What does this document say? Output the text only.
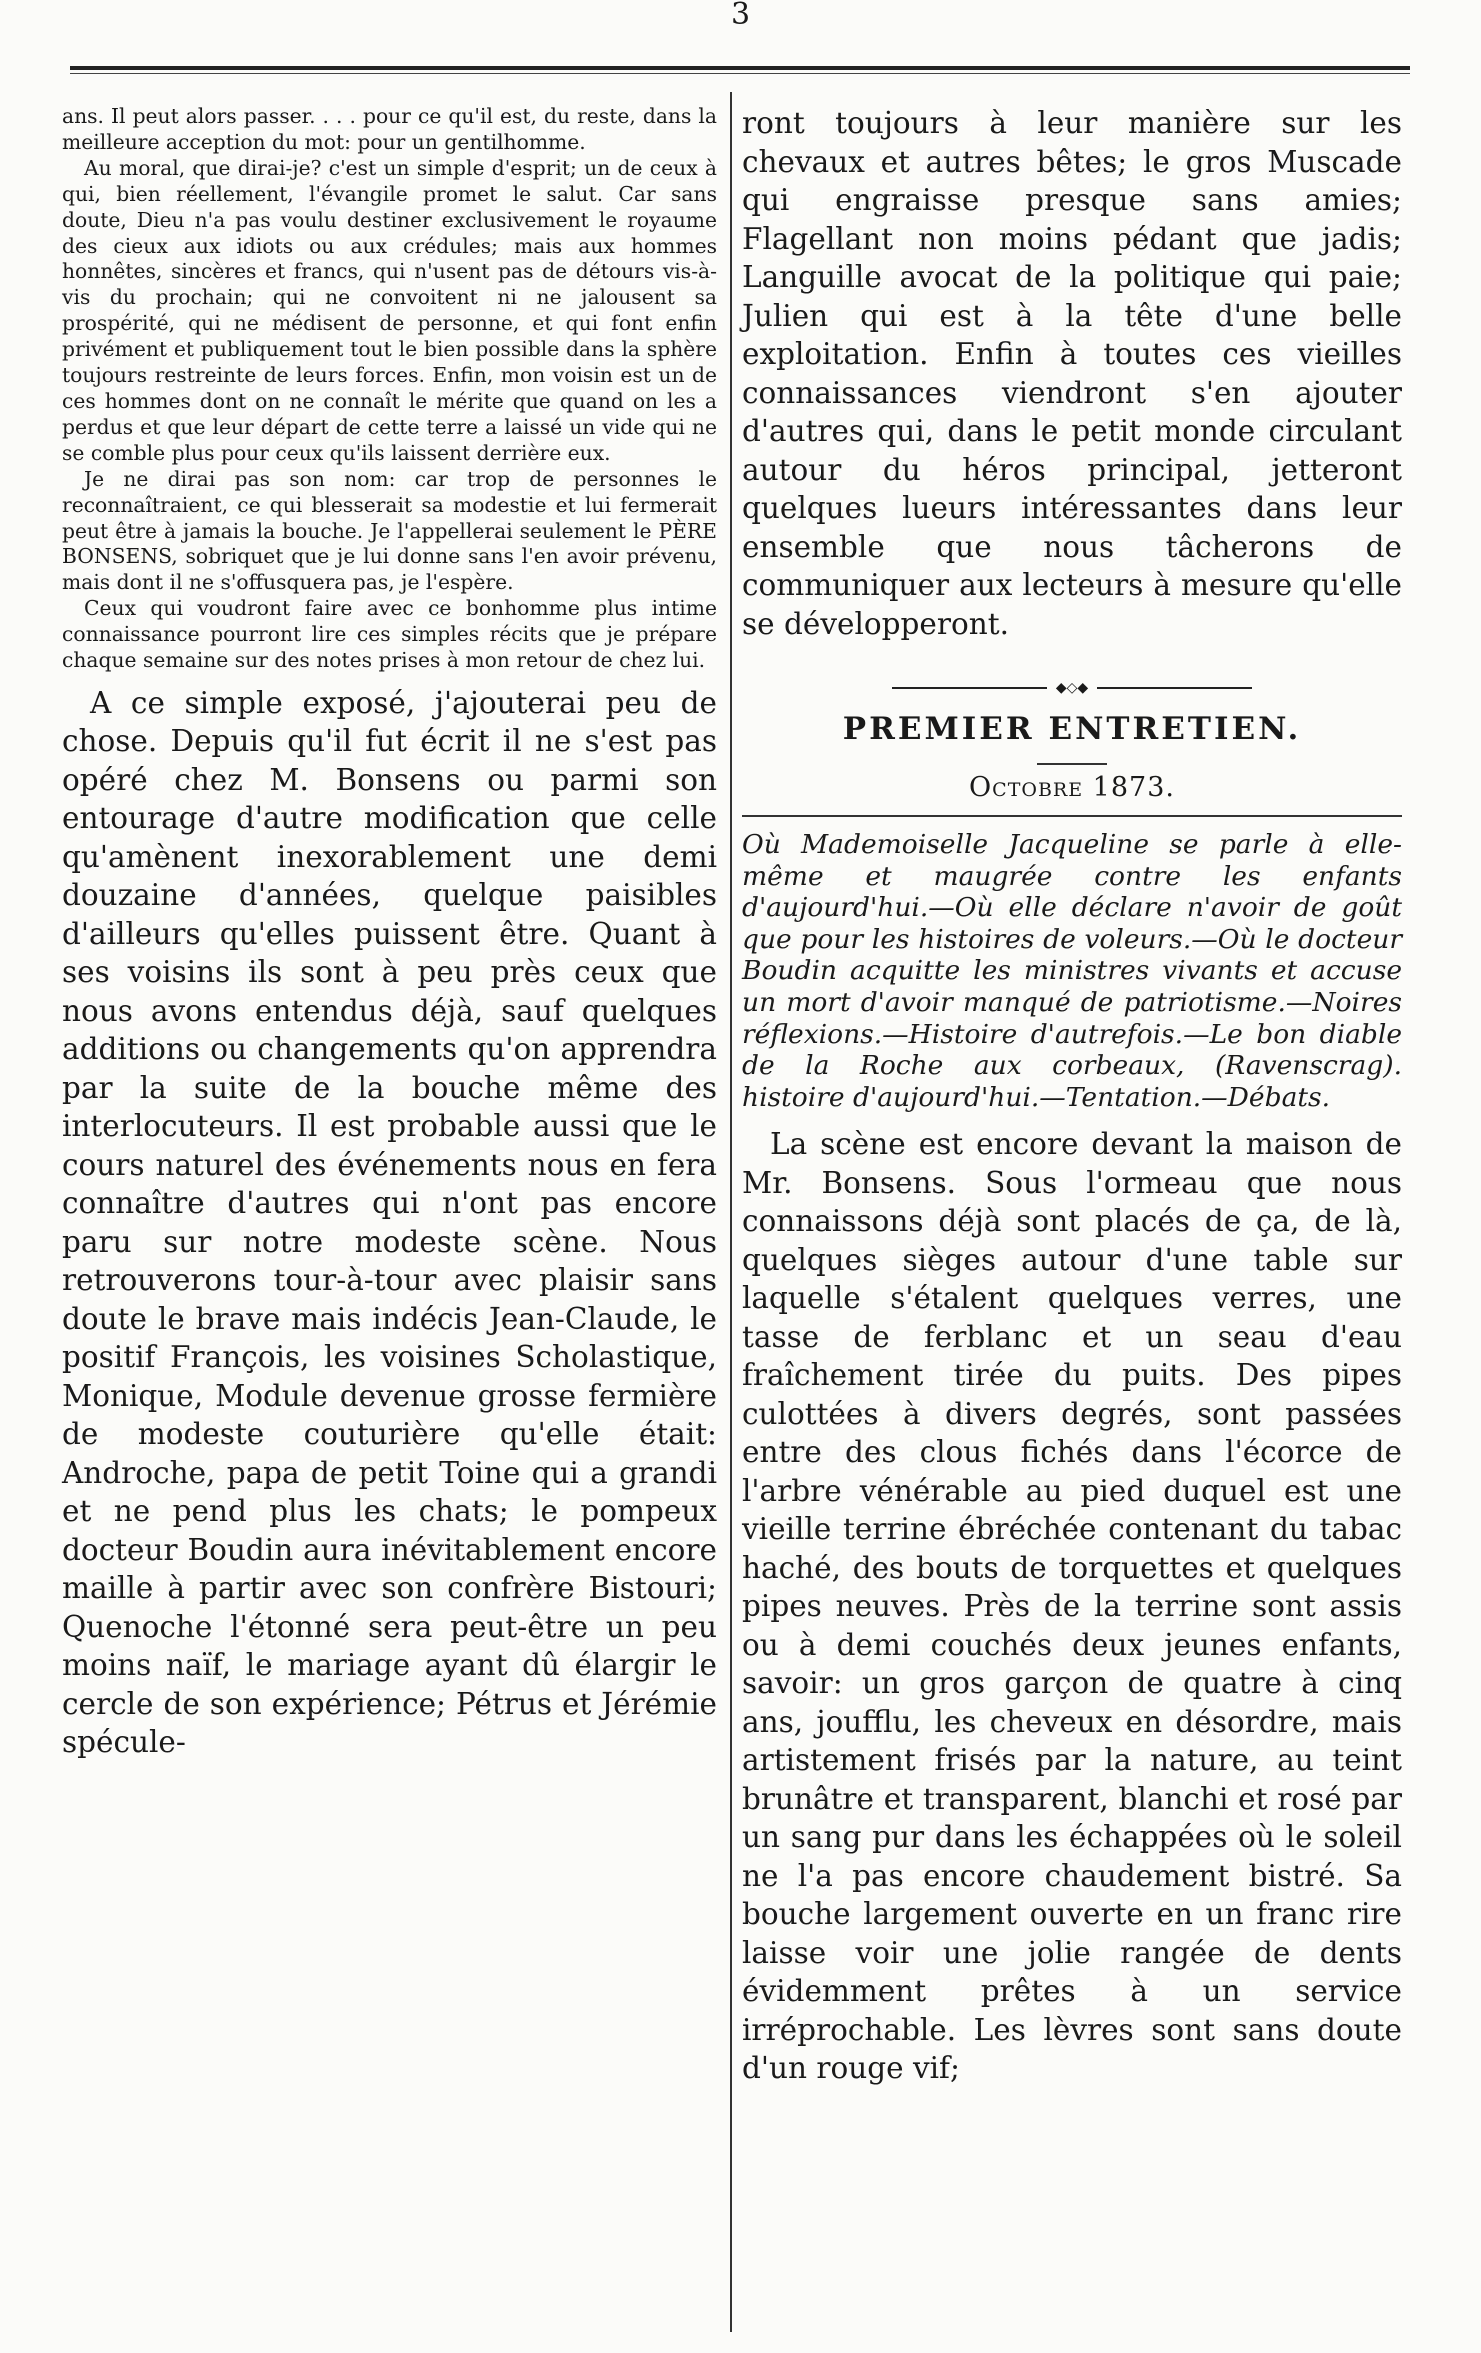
3

ans. Il peut alors passer. . . . pour ce qu'il est, du reste, dans la meilleure acception du mot: pour un gentilhomme.

Au moral, que dirai-je? c'est un simple d'esprit; un de ceux à qui, bien réellement, l'évangile promet le salut. Car sans doute, Dieu n'a pas voulu destiner exclusivement le royaume des cieux aux idiots ou aux crédules; mais aux hommes honnêtes, sincères et francs, qui n'usent pas de détours vis-à-vis du prochain; qui ne convoitent ni ne jalousent sa prospérité, qui ne médisent de personne, et qui font enfin privément et publiquement tout le bien possible dans la sphère toujours restreinte de leurs forces. Enfin, mon voisin est un de ces hommes dont on ne connaît le mérite que quand on les a perdus et que leur départ de cette terre a laissé un vide qui ne se comble plus pour ceux qu'ils laissent derrière eux.

Je ne dirai pas son nom: car trop de personnes le reconnaîtraient, ce qui blesserait sa modestie et lui fermerait peut être à jamais la bouche. Je l'appellerai seulement le PÈRE BONSENS, sobriquet que je lui donne sans l'en avoir prévenu, mais dont il ne s'offusquera pas, je l'espère.

Ceux qui voudront faire avec ce bonhomme plus intime connaissance pourront lire ces simples récits que je prépare chaque semaine sur des notes prises à mon retour de chez lui.

A ce simple exposé, j'ajouterai peu de chose. Depuis qu'il fut écrit il ne s'est pas opéré chez M. Bonsens ou parmi son entourage d'autre modification que celle qu'amènent inexorablement une demi douzaine d'années, quelque paisibles d'ailleurs qu'elles puissent être. Quant à ses voisins ils sont à peu près ceux que nous avons entendus déjà, sauf quelques additions ou changements qu'on apprendra par la suite de la bouche même des interlocuteurs. Il est probable aussi que le cours naturel des événements nous en fera connaître d'autres qui n'ont pas encore paru sur notre modeste scène. Nous retrouverons tour-à-tour avec plaisir sans doute le brave mais indécis Jean-Claude, le positif François, les voisines Scholastique, Monique, Module devenue grosse fermière de modeste couturière qu'elle était: Androche, papa de petit Toine qui a grandi et ne pend plus les chats; le pompeux docteur Boudin aura inévitablement encore maille à partir avec son confrère Bistouri; Quenoche l'étonné sera peut-être un peu moins naïf, le mariage ayant dû élargir le cercle de son expérience; Pétrus et Jérémie spécule-

ront toujours à leur manière sur les chevaux et autres bêtes; le gros Muscade qui engraisse presque sans amies; Flagellant non moins pédant que jadis; Languille avocat de la politique qui paie; Julien qui est à la tête d'une belle exploitation. Enfin à toutes ces vieilles connaissances viendront s'en ajouter d'autres qui, dans le petit monde circulant autour du héros principal, jetteront quelques lueurs intéressantes dans leur ensemble que nous tâcherons de communiquer aux lecteurs à mesure qu'elle se développeront.

◆◇◆
PREMIER ENTRETIEN.
Octobre 1873.

Où Mademoiselle Jacqueline se parle à elle-même et maugrée contre les enfants d'aujourd'hui.—Où elle déclare n'avoir de goût que pour les histoires de voleurs.—Où le docteur Boudin acquitte les ministres vivants et accuse un mort d'avoir manqué de patriotisme.—Noires réflexions.—Histoire d'autrefois.—Le bon diable de la Roche aux corbeaux, (Ravenscrag). histoire d'aujourd'hui.—Tentation.—Débats.

La scène est encore devant la maison de Mr. Bonsens. Sous l'ormeau que nous connaissons déjà sont placés de ça, de là, quelques sièges autour d'une table sur laquelle s'étalent quelques verres, une tasse de ferblanc et un seau d'eau fraîchement tirée du puits. Des pipes culottées à divers degrés, sont passées entre des clous fichés dans l'écorce de l'arbre vénérable au pied duquel est une vieille terrine ébréchée contenant du tabac haché, des bouts de torquettes et quelques pipes neuves. Près de la terrine sont assis ou à demi couchés deux jeunes enfants, savoir: un gros garçon de quatre à cinq ans, joufflu, les cheveux en désordre, mais artistement frisés par la nature, au teint brunâtre et transparent, blanchi et rosé par un sang pur dans les échappées où le soleil ne l'a pas encore chaudement bistré. Sa bouche largement ouverte en un franc rire laisse voir une jolie rangée de dents évidemment prêtes à un service irréprochable. Les lèvres sont sans doute d'un rouge vif;
